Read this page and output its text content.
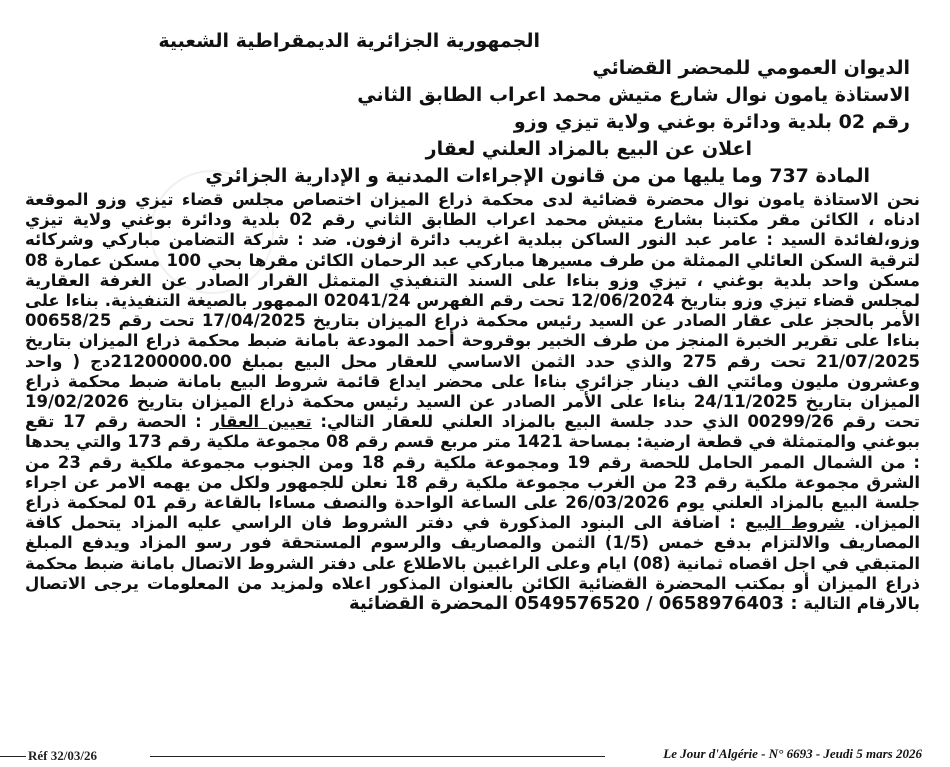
الجمهورية الجزائرية الديمقراطية الشعبية
الديوان العمومي للمحضر القضائي
الاستاذة يامون نوال شارع متيش محمد اعراب الطابق الثاني
رقم 02 بلدية ودائرة بوغني ولاية تيزي وزو
اعلان عن البيع بالمزاد العلني لعقار
المادة 737 وما يليها من من قانون الإجراءات المدنية و الإدارية الجزائري

نحن الاستاذة يامون نوال محضرة قضائية لدى محكمة ذراع الميزان اختصاص مجلس قضاء تيزي وزو الموقعة ادناه ، الكائن مقر مكتبنا بشارع متيش محمد اعراب الطابق الثاني رقم 02 بلدية ودائرة بوغني ولاية تيزي وزو،لفائدة السيد : عامر عبد النور الساكن ببلدية اغريب دائرة ازفون. ضد : شركة التضامن مباركي وشركائه لترقية السكن العائلي الممثلة من طرف مسيرها مباركي عبد الرحمان الكائن مقرها بحي 100 مسكن عمارة 08 مسكن واحد بلدية بوغني ، تيزي وزو بناءا على السند التنفيذي المتمثل القرار الصادر عن الغرفة العقارية لمجلس قضاء تيزي وزو بتاريخ 12/06/2024 تحت رقم الفهرس 02041/24 الممهور بالصيغة التنفيذية. بناءا على الأمر بالحجز على عقار الصادر عن السيد رئيس محكمة ذراع الميزان بتاريخ 17/04/2025 تحت رقم 00658/25 بناءا على تقرير الخبرة المنجز من طرف الخبير بوقروحة أحمد المودعة بامانة ضبط محكمة ذراع الميزان بتاريخ 21/07/2025 تحت رقم 275 والذي حدد الثمن الاساسي للعقار محل البيع بمبلغ 21200000.00دج ( واحد وعشرون مليون ومائتي الف دينار جزائري بناءا على محضر ايداع قائمة شروط البيع بامانة ضبط محكمة ذراع الميزان بتاريخ 24/11/2025 بناءا على الأمر الصادر عن السيد رئيس محكمة ذراع الميزان بتاريخ 19/02/2026 تحت رقم 00299/26 الذي حدد جلسة البيع بالمزاد العلني للعقار التالي: تعيين العقار : الحصة رقم 17 تقع ببوغني والمتمثلة في قطعة ارضية: بمساحة 1421 متر مربع قسم رقم 08 مجموعة ملكية رقم 173 والتي يحدها : من الشمال الممر الحامل للحصة رقم 19 ومجموعة ملكية رقم 18 ومن الجنوب مجموعة ملكية رقم 23 من الشرق مجموعة ملكية رقم 23 من الغرب مجموعة ملكية رقم 18 نعلن للجمهور ولكل من يهمه الامر عن اجراء جلسة البيع بالمزاد العلني يوم 26/03/2026 على الساعة الواحدة والنصف مساءا بالقاعة رقم 01 لمحكمة ذراع الميزان. شروط البيع : اضافة الى البنود المذكورة في دفتر الشروط فان الراسي عليه المزاد يتحمل كافة المصاريف والالتزام بدفع خمس (1/5) الثمن والمصاريف والرسوم المستحقة فور رسو المزاد ويدفع المبلغ المتبقي في اجل اقصاه ثمانية (08) ايام وعلى الراغبين بالاطلاع على دفتر الشروط الاتصال بامانة ضبط محكمة ذراع الميزان أو بمكتب المحضرة القضائية الكائن بالعنوان المذكور اعلاه ولمزيد من المعلومات يرجى الاتصال بالارقام التالية : 0658976403 / 0549576520 المحضرة القضائية

Réf 32/03/26	Le Jour d'Algérie - N° 6693 - Jeudi 5 mars 2026
